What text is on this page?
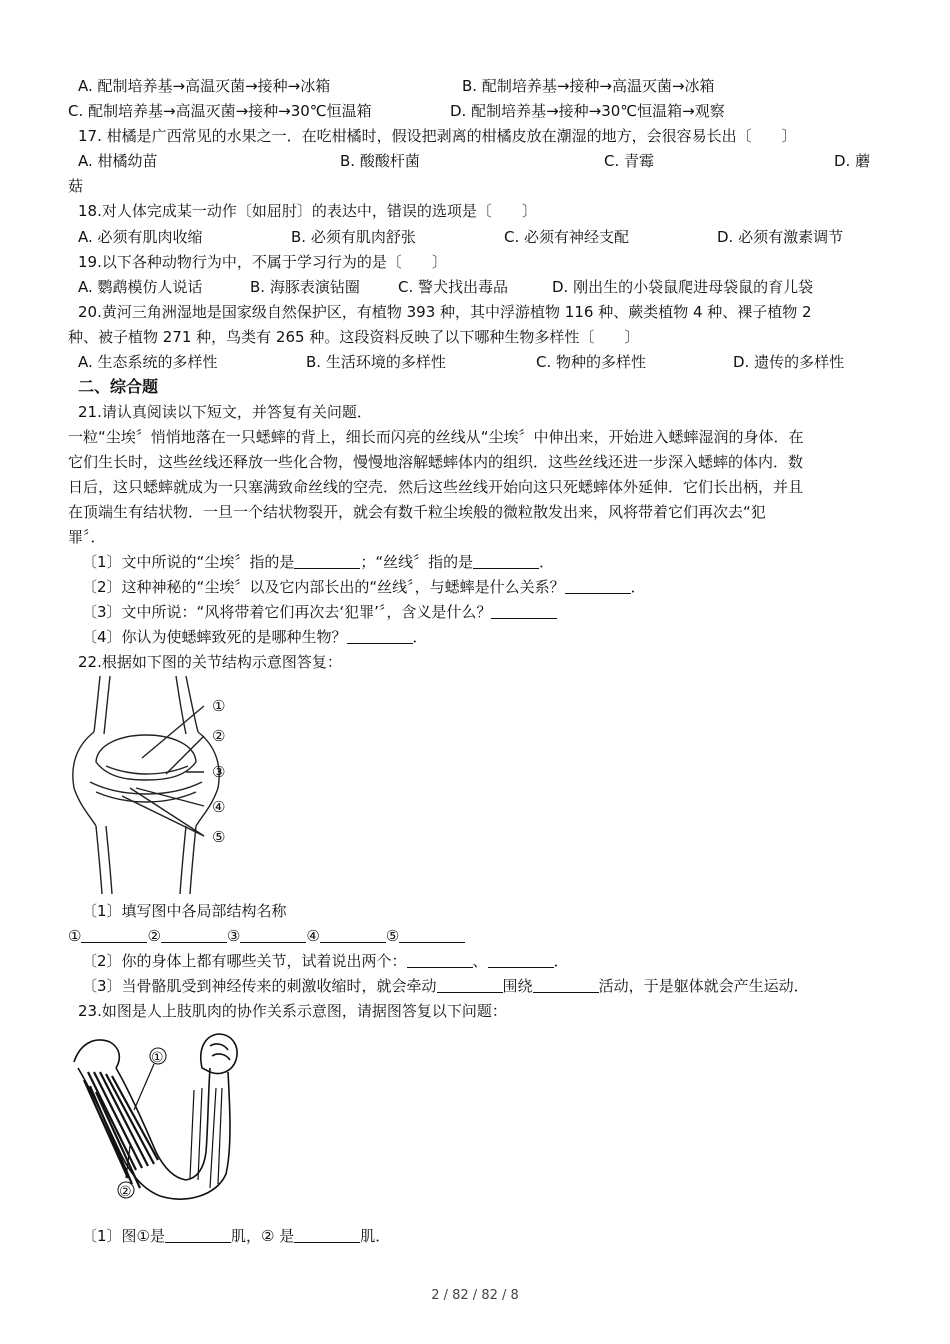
A. 配制培养基→高温灭菌→接种→冰箱	B. 配制培养基→接种→高温灭菌→冰箱
C. 配制培养基→高温灭菌→接种→30℃恒温箱	D. 配制培养基→接种→30℃恒温箱→观察
17. 柑橘是广西常见的水果之一．在吃柑橘时，假设把剥离的柑橘皮放在潮湿的地方，会很容易长出〔　　〕
A. 柑橘幼苗	B. 酸酸杆菌	C. 青霉	D. 蘑
菇
18.对人体完成某一动作〔如屈肘〕的表达中，错误的选项是〔　　〕
A. 必须有肌肉收缩	B. 必须有肌肉舒张	C. 必须有神经支配	D. 必须有激素调节
19.以下各种动物行为中，不属于学习行为的是〔　　〕
A. 鹦鹉模仿人说话	B. 海豚表演钻圈	C. 警犬找出毒品	D. 刚出生的小袋鼠爬进母袋鼠的育儿袋
20.黄河三角洲湿地是国家级自然保护区，有植物 393 种，其中浮游植物 116 种、蕨类植物 4 种、裸子植物 2
种、被子植物 271 种，鸟类有 265 种。这段资料反映了以下哪种生物多样性〔　　〕
A. 生态系统的多样性	B. 生活环境的多样性	C. 物种的多样性	D. 遗传的多样性
二、综合题
21.请认真阅读以下短文，并答复有关问题．
一粒“尘埃〞悄悄地落在一只蟋蟀的背上，细长而闪亮的丝线从“尘埃〞中伸出来，开始进入蟋蟀湿润的身体．在
它们生长时，这些丝线还释放一些化合物，慢慢地溶解蟋蟀体内的组织．这些丝线还进一步深入蟋蟀的体内．数
日后，这只蟋蟀就成为一只塞满致命丝线的空壳．然后这些丝线开始向这只死蟋蟀体外延伸．它们长出柄，并且
在顶端生有结状物．一旦一个结状物裂开，就会有数千粒尘埃般的微粒散发出来，风将带着它们再次去“犯
罪〞．
〔1〕文中所说的“尘埃〞指的是	；“丝线〞指的是	．
〔2〕这种神秘的“尘埃〞以及它内部长出的“丝线〞，与蟋蟀是什么关系？	．
〔3〕文中所说：“风将带着它们再次去‘犯罪’〞，含义是什么？
〔4〕你认为使蟋蟀致死的是哪种生物？	．
22.根据如下图的关节结构示意图答复：
①
②
③
④
⑤
〔1〕填写图中各局部结构名称
①	②	③	④	⑤
〔2〕你的身体上都有哪些关节，试着说出两个：	、	．
〔3〕当骨骼肌受到神经传来的刺激收缩时，就会牵动	围绕	活动，于是躯体就会产生运动．
23.如图是人上肢肌肉的协作关系示意图，请据图答复以下问题：
①
②
〔1〕图①是	肌，② 是	肌．
2 / 82 / 82 / 8
